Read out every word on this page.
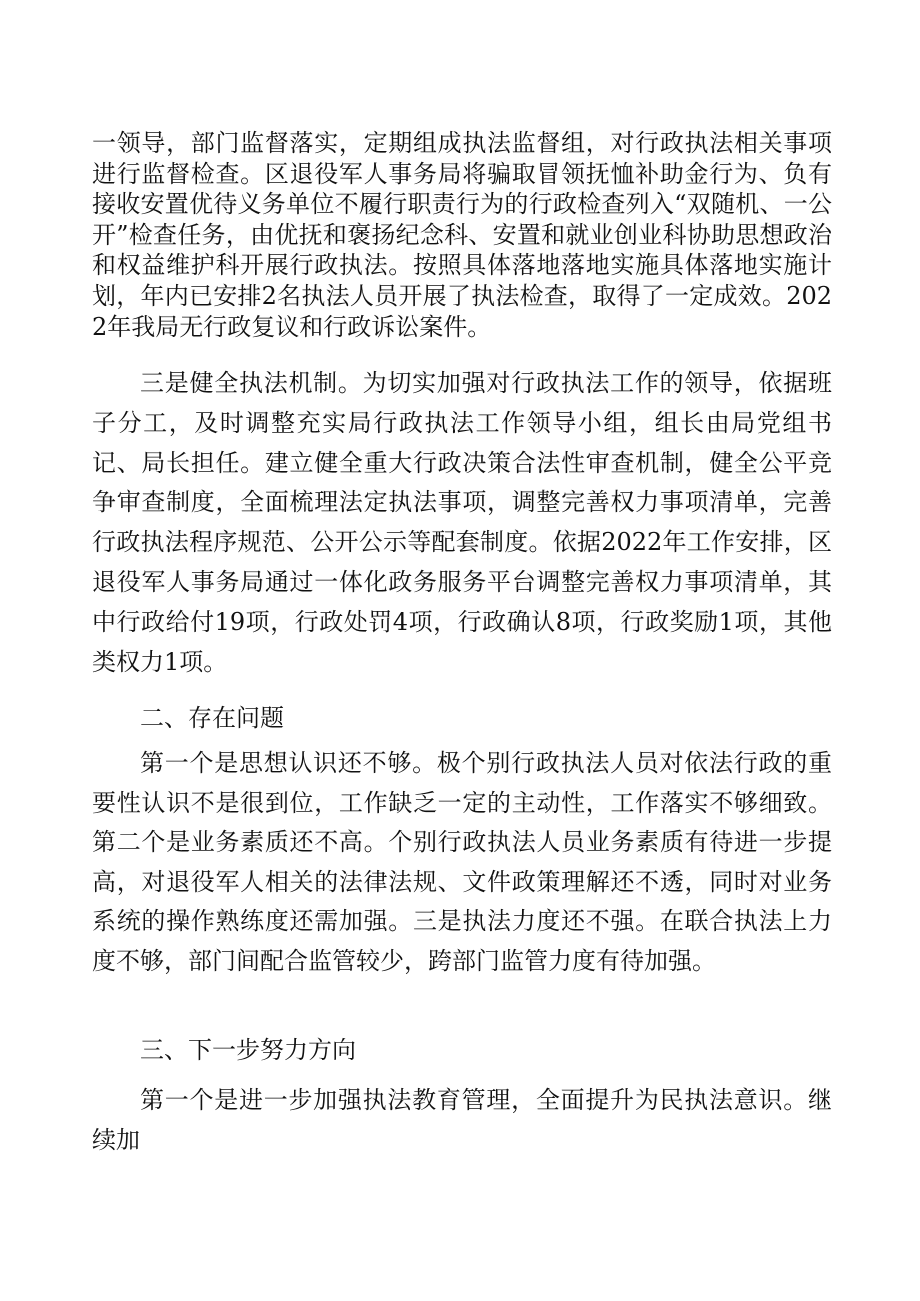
一领导，部门监督落实，定期组成执法监督组，对行政执法相关事项进行监督检查。区退役军人事务局将骗取冒领抚恤补助金行为、负有接收安置优待义务单位不履行职责行为的行政检查列入“双随机、一公开”检查任务，由优抚和褒扬纪念科、安置和就业创业科协助思想政治和权益维护科开展行政执法。按照具体落地落地实施具体落地实施计划，年内已安排2名执法人员开展了执法检查，取得了一定成效。2022年我局无行政复议和行政诉讼案件。

三是健全执法机制。为切实加强对行政执法工作的领导，依据班子分工，及时调整充实局行政执法工作领导小组，组长由局党组书记、局长担任。建立健全重大行政决策合法性审查机制，健全公平竞争审查制度，全面梳理法定执法事项，调整完善权力事项清单，完善行政执法程序规范、公开公示等配套制度。依据2022年工作安排，区退役军人事务局通过一体化政务服务平台调整完善权力事项清单，其中行政给付19项，行政处罚4项，行政确认8项，行政奖励1项，其他类权力1项。

二、存在问题

第一个是思想认识还不够。极个别行政执法人员对依法行政的重要性认识不是很到位，工作缺乏一定的主动性，工作落实不够细致。第二个是业务素质还不高。个别行政执法人员业务素质有待进一步提高，对退役军人相关的法律法规、文件政策理解还不透，同时对业务系统的操作熟练度还需加强。三是执法力度还不强。在联合执法上力度不够，部门间配合监管较少，跨部门监管力度有待加强。

三、下一步努力方向

第一个是进一步加强执法教育管理，全面提升为民执法意识。继续加
